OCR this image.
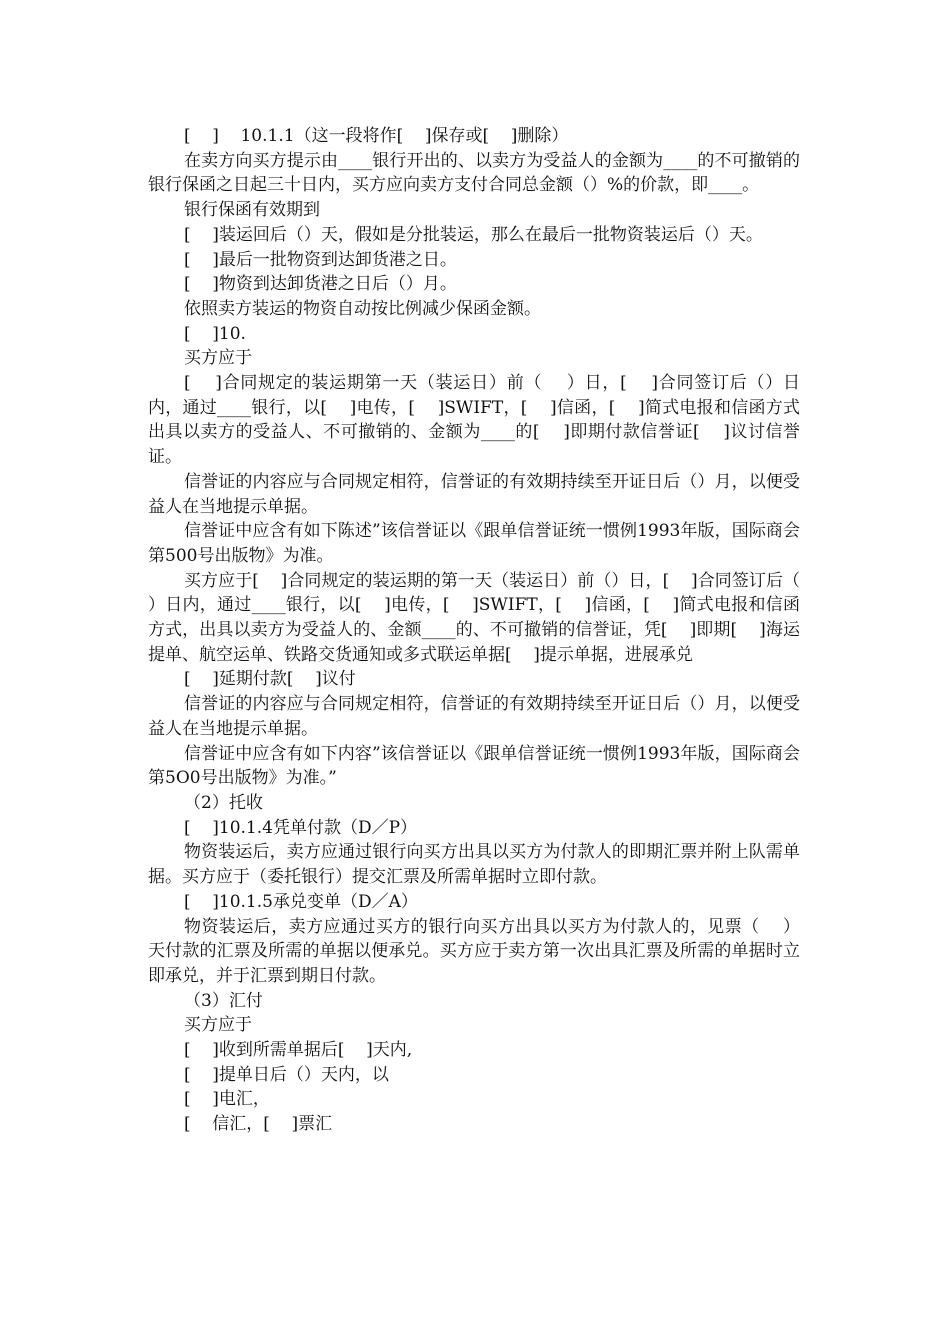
[    ]    10.1.1（这一段将作[    ]保存或[    ]删除）

在卖方向买方提示由____银行开出的、以卖方为受益人的金额为____的不可撤销的银行保函之日起三十日内，买方应向卖方支付合同总金额（）%的价款，即____。

银行保函有效期到

[    ]装运回后（）天，假如是分批装运，那么在最后一批物资装运后（）天。

[    ]最后一批物资到达卸货港之日。

[    ]物资到达卸货港之日后（）月。

依照卖方装运的物资自动按比例减少保函金额。

[    ]10.

买方应于

[    ]合同规定的装运期第一天（装运日）前（    ）日，[    ]合同签订后（）日内，通过____银行，以[    ]电传，[    ]SWIFT，[    ]信函，[    ]简式电报和信函方式出具以卖方的受益人、不可撤销的、金额为____的[    ]即期付款信誉证[    ]议讨信誉证。

信誉证的内容应与合同规定相符，信誉证的有效期持续至开证日后（）月，以便受益人在当地提示单据。

信誉证中应含有如下陈述”该信誉证以《跟单信誉证统一惯例1993年版，国际商会第500号出版物》为准。

买方应于[    ]合同规定的装运期的第一天（装运日）前（）日，[    ]合同签订后（    ）日内，通过____银行，以[    ]电传，[    ]SWIFT，[    ]信函，[    ]简式电报和信函方式，出具以卖方为受益人的、金额____的、不可撤销的信誉证，凭[    ]即期[    ]海运提单、航空运单、铁路交货通知或多式联运单据[    ]提示单据，进展承兑

[    ]延期付款[    ]议付

信誉证的内容应与合同规定相符，信誉证的有效期持续至开证日后（）月，以便受益人在当地提示单据。

信誉证中应含有如下内容”该信誉证以《跟单信誉证统一惯例1993年版，国际商会第5O0号出版物》为准。”

（2）托收

[    ]10.1.4凭单付款（D／P）

物资装运后，卖方应通过银行向买方出具以买方为付款人的即期汇票并附上队需单据。买方应于（委托银行）提交汇票及所需单据时立即付款。

[    ]10.1.5承兑变单（D／A）

物资装运后，卖方应通过买方的银行向买方出具以买方为付款人的，见票（    ）天付款的汇票及所需的单据以便承兑。买方应于卖方第一次出具汇票及所需的单据时立即承兑，并于汇票到期日付款。

（3）汇付

买方应于

[    ]收到所需单据后[    ]天内,

[    ]提单日后（）天内，以

[    ]电汇，

[    信汇，[    ]票汇
